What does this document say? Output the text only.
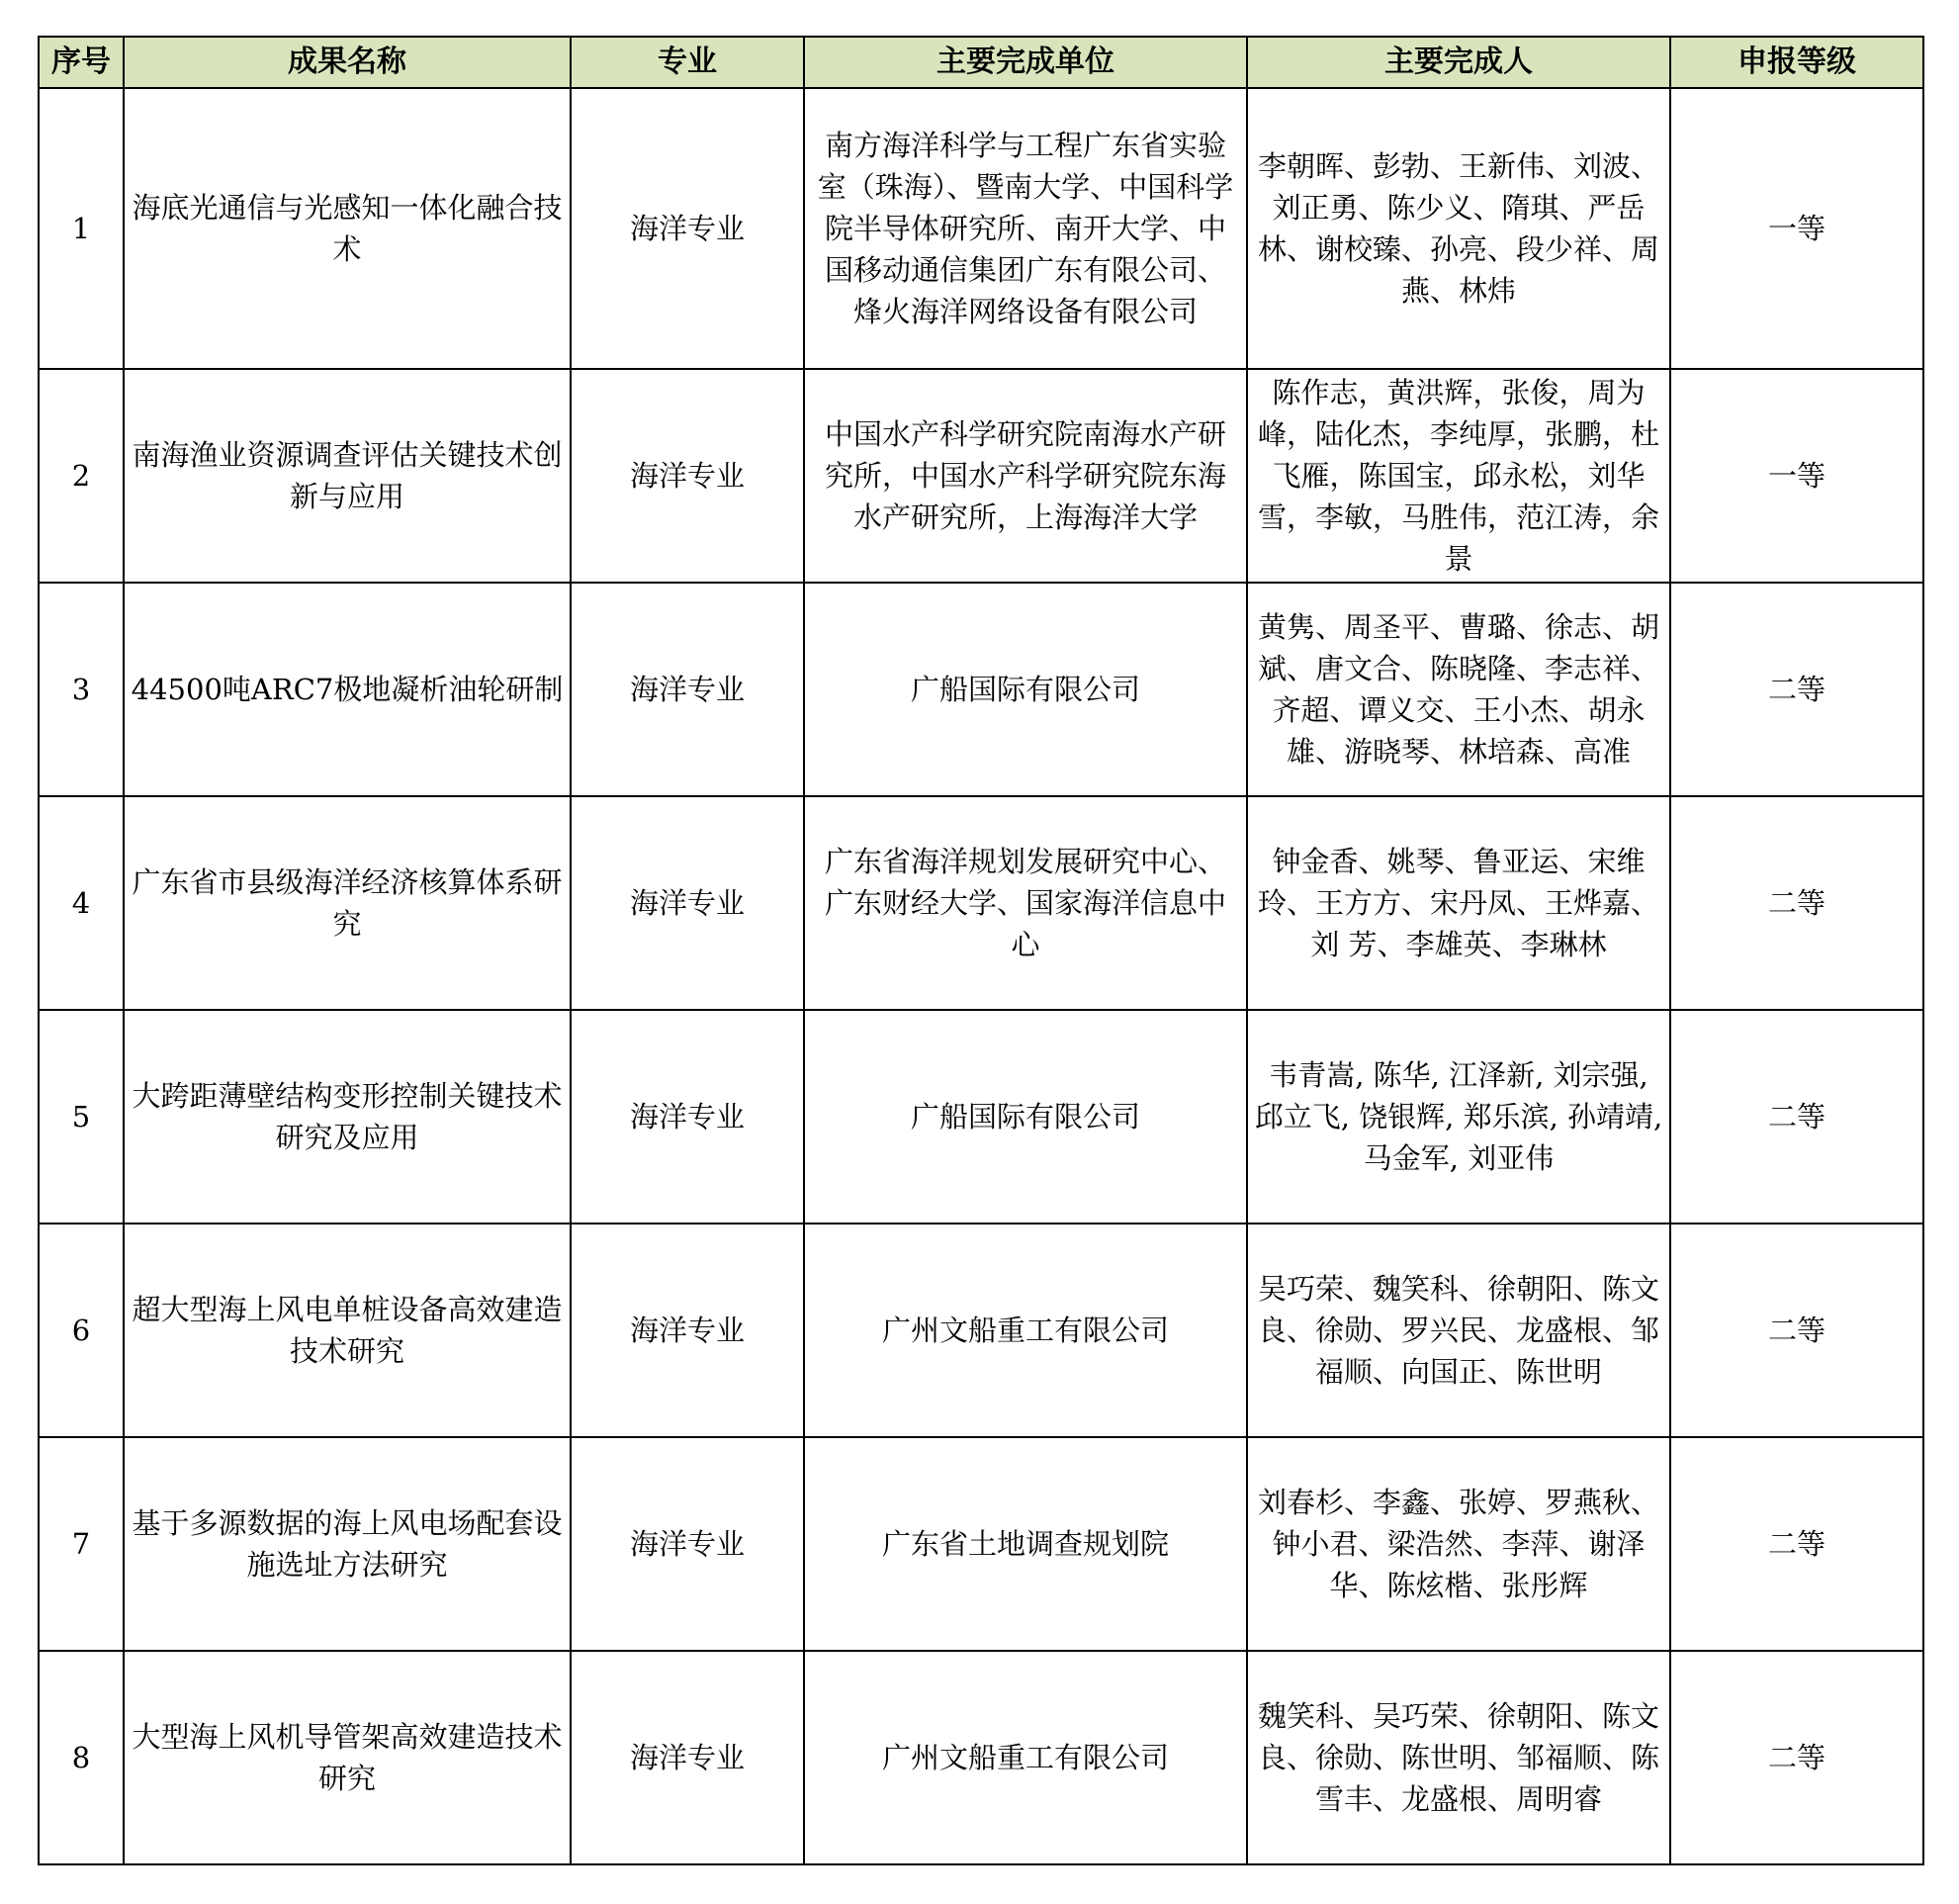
序号	成果名称	专业	主要完成单位	主要完成人	申报等级
1	海底光通信与光感知一体化融合技术	海洋专业	南方海洋科学与工程广东省实验室（珠海）、暨南大学、中国科学院半导体研究所、南开大学、中国移动通信集团广东有限公司、烽火海洋网络设备有限公司	李朝晖、彭勃、王新伟、刘波、刘正勇、陈少义、隋琪、严岳林、谢校臻、孙亮、段少祥、周燕、林炜	一等
2	南海渔业资源调查评估关键技术创新与应用	海洋专业	中国水产科学研究院南海水产研究所，中国水产科学研究院东海水产研究所，上海海洋大学	陈作志，黄洪辉，张俊，周为峰，陆化杰，李纯厚，张鹏，杜飞雁，陈国宝，邱永松，刘华雪，李敏，马胜伟，范江涛，余景	一等
3	44500吨ARC7极地凝析油轮研制	海洋专业	广船国际有限公司	黄隽、周圣平、曹璐、徐志、胡斌、唐文合、陈晓隆、李志祥、齐超、谭义交、王小杰、胡永雄、游晓琴、林培森、高准	二等
4	广东省市县级海洋经济核算体系研究	海洋专业	广东省海洋规划发展研究中心、广东财经大学、国家海洋信息中心	钟金香、姚琴、鲁亚运、宋维玲、王方方、宋丹凤、王烨嘉、刘 芳、李雄英、李琳林	二等
5	大跨距薄壁结构变形控制关键技术研究及应用	海洋专业	广船国际有限公司	韦青嵩, 陈华, 江泽新, 刘宗强, 邱立飞, 饶银辉, 郑乐滨, 孙靖靖, 马金军, 刘亚伟	二等
6	超大型海上风电单桩设备高效建造技术研究	海洋专业	广州文船重工有限公司	吴巧荣、魏笑科、徐朝阳、陈文良、徐勋、罗兴民、龙盛根、邹福顺、向国正、陈世明	二等
7	基于多源数据的海上风电场配套设施选址方法研究	海洋专业	广东省土地调查规划院	刘春杉、李鑫、张婷、罗燕秋、钟小君、梁浩然、李萍、谢泽华、陈炫楷、张彤辉	二等
8	大型海上风机导管架高效建造技术研究	海洋专业	广州文船重工有限公司	魏笑科、吴巧荣、徐朝阳、陈文良、徐勋、陈世明、邹福顺、陈雪丰、龙盛根、周明睿	二等
